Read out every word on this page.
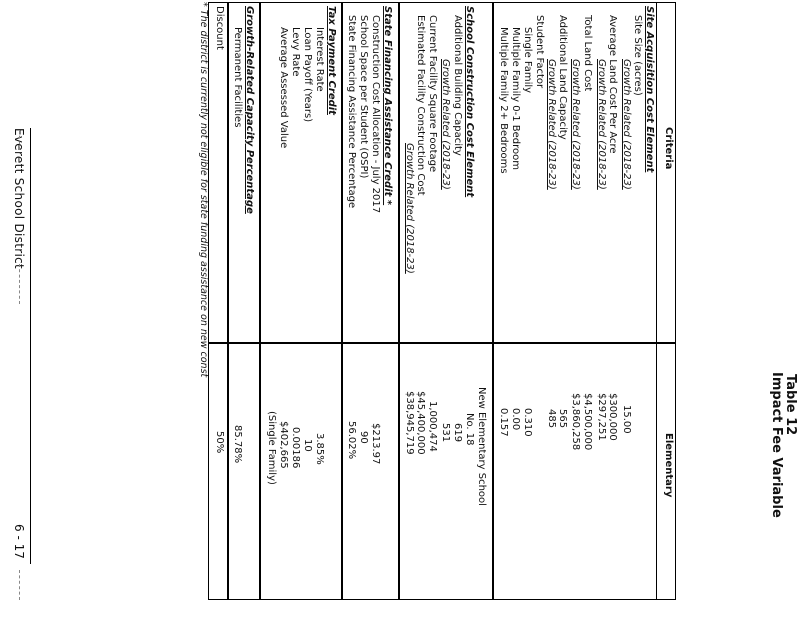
Table 12
Impact Fee Variable
Criteria
Elementary
Site Acquisition Cost Element
Site Size (acres)
Growth Related (2018-23)
15.00
Average Land Cost Per Acre
$300,000
Growth Related (2018-23)
$297,251
Total Land Cost
$4,500,000
Growth Related (2018-23)
$3,860,258
Additional Land Capacity
565
Growth Related (2018-23)
485
Student Factor
Single Family
0.310
Multiple Family 0-1 Bedroom
0.00
Multiple Family 2+ Bedrooms
0.157
School Construction Cost Element
New Elementary School
No. 18
Additional Building Capacity
619
Growth Related (2018-23)
531
Current Facility Square Footage
1,000,474
Estimated Facility Construction Cost
$45,400,000
Growth Related (2018-23)
$38,945,719
State Financing Assistance Credit *
Construction Cost Allocation - July 2017
$213.97
School Space per Student (OSPI)
90
State Financing Assistance Percentage
56.02%
Tax Payment Credit
Interest Rate
3.85%
Loan Payoff (Years)
10
Levy Rate
0.00186
Average Assessed Value
$402,665
(Single Family)
Growth-Related Capacity Percentage
Permanent Facilities
85.78%
Discount
50%
* The district is currently not eligible for state funding assistance on new const
Everett School District
6 - 17
